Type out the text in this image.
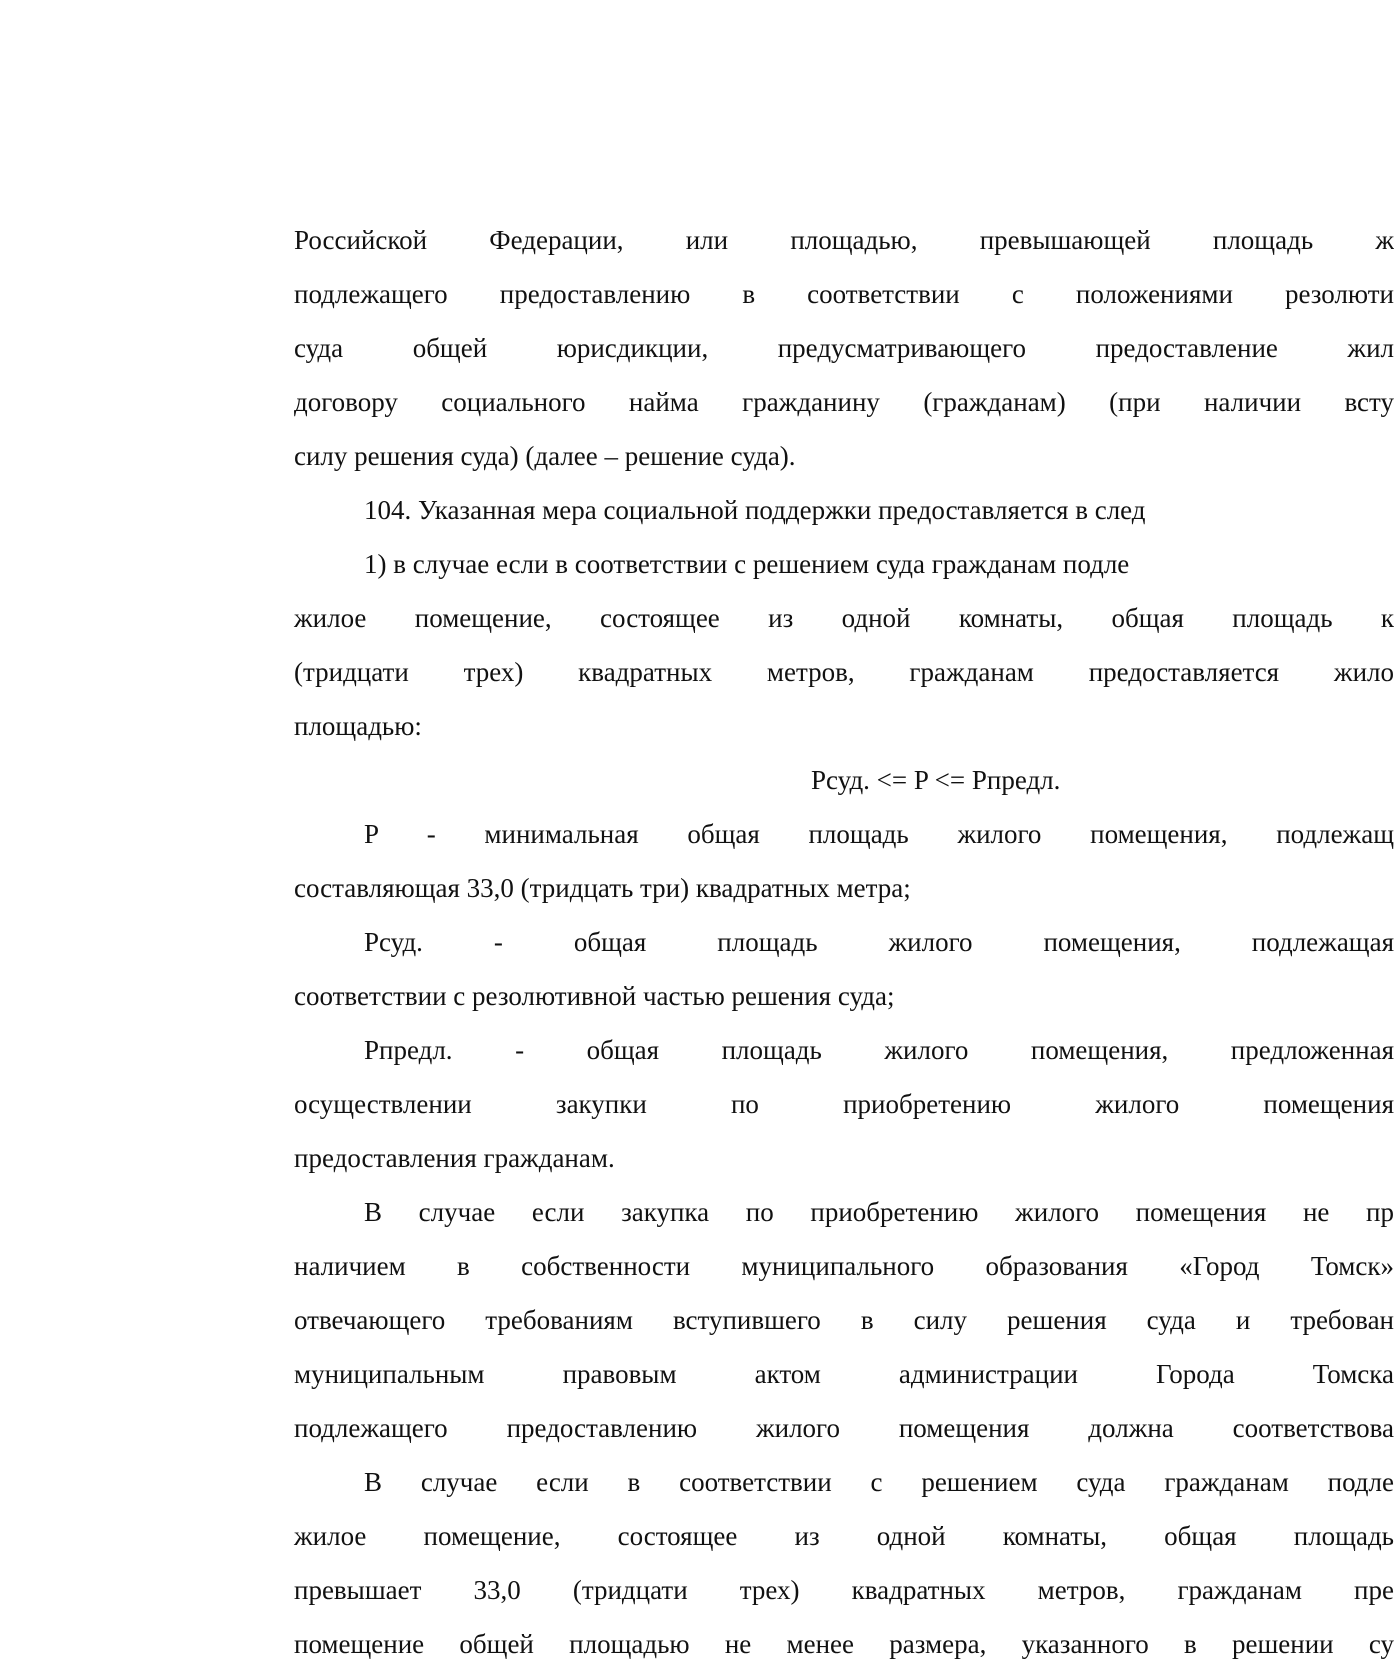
Российской Федерации, или площадью, превышающей площадь ж
подлежащего предоставлению в соответствии с положениями резолюти
суда общей юрисдикции, предусматривающего предоставление жил
договору социального найма гражданину (гражданам) (при наличии всту
силу решения суда) (далее – решение суда).
104. Указанная мера социальной поддержки предоставляется в след
1) в случае если в соответствии с решением суда гражданам подле
жилое помещение, состоящее из одной комнаты, общая площадь к
(тридцати трех) квадратных метров, гражданам предоставляется жило
площадью:
Pсуд. <= P <= Pпредл.
P - минимальная общая площадь жилого помещения, подлежащ
составляющая 33,0 (тридцать три) квадратных метра;
Pсуд. - общая площадь жилого помещения, подлежащая
соответствии с резолютивной частью решения суда;
Pпредл. - общая площадь жилого помещения, предложенная
осуществлении закупки по приобретению жилого помещения
предоставления гражданам.
В случае если закупка по приобретению жилого помещения не пр
наличием в собственности муниципального образования «Город Томск»
отвечающего требованиям вступившего в силу решения суда и требован
муниципальным правовым актом администрации Города Томска
подлежащего предоставлению жилого помещения должна соответствова
В случае если в соответствии с решением суда гражданам подле
жилое помещение, состоящее из одной комнаты, общая площадь
превышает 33,0 (тридцати трех) квадратных метров, гражданам пре
помещение общей площадью не менее размера, указанного в решении су
